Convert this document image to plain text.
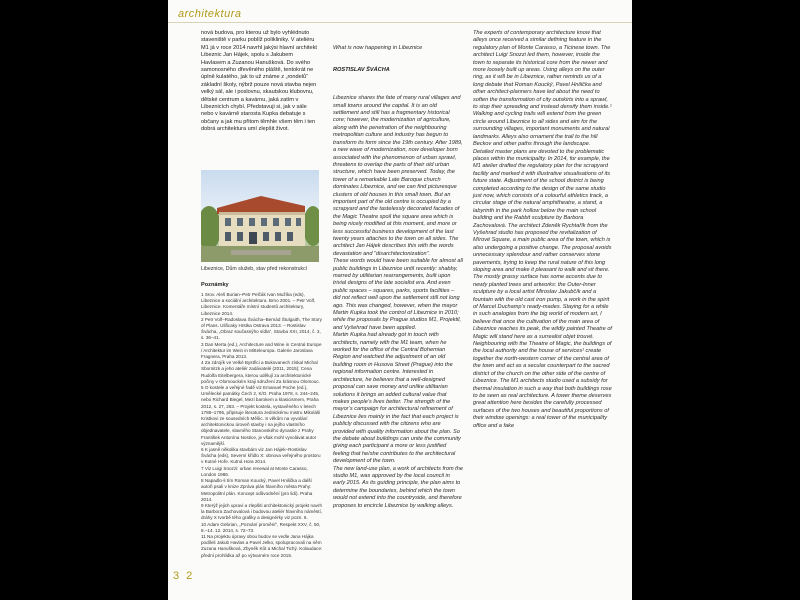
architektura
nová budova, pro kterou už bylo vyhlédnuto staveniště v parku poblíž polikliniky. V ateliéru M1 já v roce 2014 navrhl jakýsi hlavní architekt Libeznic Jan Hájek, spolu s Jakubem Havlasem a Zuzanou Hanušková. Do svého samonosného dřevěného pláště, tentokrát ne úplně kulatého, jak to už známe z „rondelů“ základní školy, nýbrž pouze nová stavba nejen velký sál, ale i poslovnu, skautskou klubovnu, dětské centrum a kavárnu, jaká zatím v Libeznicích chybí. Představuji si, jak v sále nebo v kavárně starosta Kupka debatuje s občany a jak mu přitom těmhle všem těm i ten dobrá architektura umí zlepšit život.
Libeznice, Dům služeb, stav před rekonstrukcí
Poznámky

1 Srov. Aleš Burian–Petr Pelčák Ivan Mužíka (eds), Libeznice a sociální architektura. Brno 2001. – Petr Volf, Libeznice. Komentáře místní studentů architektury, Libeznice 2014.

2 Petr Volf–Radoslava Švácha–Bernád Štulgaith, The Story of Plans. Ulificaky Hrstka Ostrava 2013. – Rostislav Švácha, „Obraz současnýho sídla“, Stavba XXI, 2014, č. 3, s. 36–41.

3 Dan Merta (ed.), Architecture and Wine in Central Europe / Architektur im Wein in Mitteleuropa. Galerie Jaroslava Fragnera, Praha 2013.

4 Za zdrojík ve Velké Bystřici a Bukovanech získal Michal Sbornitzk a jeho ateliér zadávatelé (2011, 2015); Cena Rudolfa Eitelbergera, kterou udělují za architektonické počiny v Olomouckém kraji sdružení Za krásnou Olomouc.

5 O kostele a veřejné řadě viz Emanuel Poche (ed.), Umělecké památky Čech 2, K/O. Praha 1978, s. 244–245, nebo Richard Biegel, Mezi barokem a klasicismem, Praha 2012, s. 27, 283. – Projekt kostela, vystavěného v letech 1788–1795, připisuje literatura zednickému mistru Mikoláši Kristkovi ze sousedních Měšic. S věkům na vyvolání architektonickou úroveň stavby i na jejího vlastního objednavatele, slavného Stanovského dynastie z Prahy František Antonína Nostice, je však mohl vyvolávat autor významější.

6 K jasně několika stavbám viz Jan Hájek–Rostislav Švácha (eds), Severní křídlo X: obnova veřejného prostoru v Kutné Hoře. Kutná Hora 2014.

7 Viz Luigi Snozzi: urban renewal at Monte Carasso, London 1986.

8 Napadlo-li tím Roman Koucký, Pavel Hnilička a další autoři psali v knize Zpráva plán hlavního města Prahy: Metropolitní plán. Koncept odůvodnění (pro lidi). Praha 2014.

9 Kterýž jejich upravi a zlepšiti architektonický projekt navrh la Barbora Zachovalová i budovou ateliér hlavního náměstí, dráhy X tvorbě tého grafiky a designérky viz pozn. 6.

10 Adam Gebrian, „Pozvání promění“, Respekt XXV, č. 50, 8.–14. 12. 2014, s. 72–73.

11 Na projektu úpravy obou budov se vedle Jana Hájka podíleli Jakub Havlas a Pavel Jelko, spolupracovali na něm Zuzana Hanušková, Zbyněk Kůt a Michal Tichý. Kolaudace: přední prohlídka až po výtvarném roce 2015.

What is now happening in Libeznice

ROSTISLAV ŠVÁCHA

Libeznice shares the fate of many rural villages and small towns around the capital. It is an old settlement and still has a fragmentary historical core; however, the modernization of agriculture, along with the penetration of the neighbouring metropolitan culture and industry has begun to transform its form since the 19th century. After 1989, a new wave of modernization, now developer born associated with the phenomenon of urban sprawl, threatens to overlap the parts of their old urban structure, which have been preserved. Today, the tower of a remarkable Late Baroque church dominates Libeznice, and we can find picturesque clusters of old houses in this small town. But an important part of the old centre is occupied by a scrapyard and the tastelessly decorated facades of the Magic Theatre spoil the square area which is being nicely modified at this moment, and more or less successful business development of the last twenty years attaches to the town on all sides. The architect Jan Hájek describes this with the words devastation and “disarchitectonization”.
These words would have been suitable for almost all public buildings in Libeznice until recently: shabby, marred by utilitarian rearrangements, built upon trivial designs of the late socialist era. And even public spaces – squares, parks, sports facilities – did not reflect well upon the settlement still not long ago. This was changed, however, when the mayor Martin Kupka took the control of Libeznice in 2010; while the proposals by Prague studios M1, Projektil, and Vyšehrad have been applied.
Martin Kupka had already got in touch with architects, namely with the M1 team, when he worked for the office of the Central Bohemian Region and watched the adjustment of an old building room in Husova Street (Prague) into the regional information centre. Interested in architecture, he believes that a well-designed proposal can save money and unlike utilitarian solutions it brings an added cultural value that makes people’s lives better. The strength of the mayor’s campaign for architectural refinement of Libeznice lies mainly in the fact that each project is publicly discussed with the citizens who are provided with quality information about the plan. So the debate about buildings can unite the community giving each participant a more or less justified feeling that he/she contributes to the architectural development of the town.
The new land-use plan, a work of architects from the studio M1, was approved by the local council in early 2015. As its guiding principle, the plan aims to determine the boundaries, behind which the town would not extend into the countryside, and therefore proposes to encircle Libeznice by walking alleys.

The experts of contemporary architecture know that alleys once received a similar defining feature in the regulatory plan of Monte Carasso, a Ticinese town. The architect Luigi Snozzi led them, however, inside the town to separate its historical core from the newer and more loosely built up areas. Using alleys on the outer ring, as it will be in Libeznice, rather reminds us of a long debate that Roman Koucký, Pavel Hnilička and other architect-planners have led about the need to soften the transformation of city outskirts into a sprawl, to stop their spreading and instead densify them inside.¹ Walking and cycling trails will extend from the green circle around Libeznice to all sides and aim for the surrounding villages, important monuments and natural landmarks. Alleys also ornament the trail to the hill Beckov and other paths through the landscape.
Detailed master plans are devoted to the problematic places within the municipality. In 2014, for example, the M1 atelier drafted the regulatory plan for the scrapyard facility and marked it with illustrative visualisations of its future state. Adjustment of the school district is being completed according to the design of the same studio just now, which consists of a colourful athletics track, a circular stage of the natural amphitheatre, a stand, a labyrinth in the park hollow below the main school building and the Rabbit sculpture by Barbora Zachovalová. The architect Zdeněk Rychtařík from the Vyšehrad studio has proposed the revitalization of Mírové Square, a main public area of the town, which is also undergoing a positive change. The proposal avoids unnecessary splendour and rather conserves stone pavements, trying to keep the rural nature of this long sloping area and make it pleasant to walk and sit there. The mostly grassy surface has some accents due to newly planted trees and artworks: the Outer-Inner sculpture by a local artist Miroslav Jakubčík and a fountain with the old cast iron pump, a work in the spirit of Marcel Duchamp’s ready-mades. Staying for a while in such analogies from the big world of modern art, I believe that once the cultivation of the main area of Libeznice reaches its peak, the wildly painted Theatre of Magic will stand here as a surrealist objet trouvé.
Neighbouring with the Theatre of Magic, the buildings of the local authority and the house of services¹ create together the north-western corner of the central area of the town and act as a secular counterpart to the sacred district of the church on the other side of the centre of Libeznice. The M1 architects studio used a subsidy for thermal insulation in such a way that both buildings rose to be seen as real architecture. A tower theme deserves great attention here besides the carefully processed surfaces of the two houses and beautiful proportions of their window openings: a real tower of the municipality office and a fake
3 2
